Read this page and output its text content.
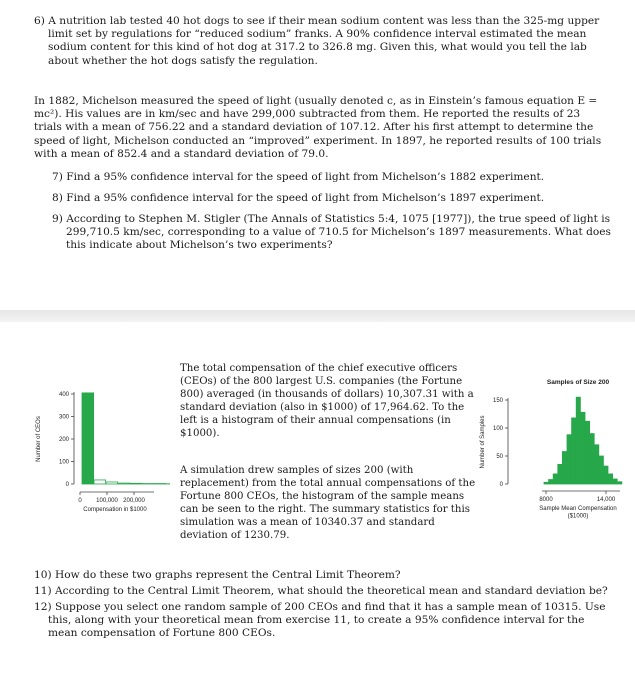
6) A nutrition lab tested 40 hot dogs to see if their mean sodium content was less than the 325-mg upper limit set by regulations for “reduced sodium” franks. A 90% confidence interval estimated the mean sodium content for this kind of hot dog at 317.2 to 326.8 mg. Given this, what would you tell the lab about whether the hot dogs satisfy the regulation.
In 1882, Michelson measured the speed of light (usually denoted c, as in Einstein’s famous equation E = mc²). His values are in km/sec and have 299,000 subtracted from them. He reported the results of 23 trials with a mean of 756.22 and a standard deviation of 107.12. After his first attempt to determine the speed of light, Michelson conducted an “improved” experiment. In 1897, he reported results of 100 trials with a mean of 852.4 and a standard deviation of 79.0.
7) Find a 95% confidence interval for the speed of light from Michelson’s 1882 experiment.
8) Find a 95% confidence interval for the speed of light from Michelson’s 1897 experiment.
9) According to Stephen M. Stigler (The Annals of Statistics 5:4, 1075 [1977]), the true speed of light is 299,710.5 km/sec, corresponding to a value of 710.5 for Michelson’s 1897 measurements. What does this indicate about Michelson’s two experiments?
0
100
200
300
400
Number of CEOs
0 100,000 200,000
Compensation in $1000
The total compensation of the chief executive officers (CEOs) of the 800 largest U.S. companies (the Fortune 800) averaged (in thousands of dollars) 10,307.31 with a standard deviation (also in $1000) of 17,964.62. To the left is a histogram of their annual compensations (in $1000).
A simulation drew samples of sizes 200 (with replacement) from the total annual compensations of the Fortune 800 CEOs, the histogram of the sample means can be seen to the right. The summary statistics for this simulation was a mean of 10340.37 and standard deviation of 1230.79.
Samples of Size 200
0
50
100
150
Number of Samples
8000	14,000
Sample Mean Compensation
($1000)
10) How do these two graphs represent the Central Limit Theorem?
11) According to the Central Limit Theorem, what should the theoretical mean and standard deviation be?
12) Suppose you select one random sample of 200 CEOs and find that it has a sample mean of 10315. Use this, along with your theoretical mean from exercise 11, to create a 95% confidence interval for the mean compensation of Fortune 800 CEOs.
